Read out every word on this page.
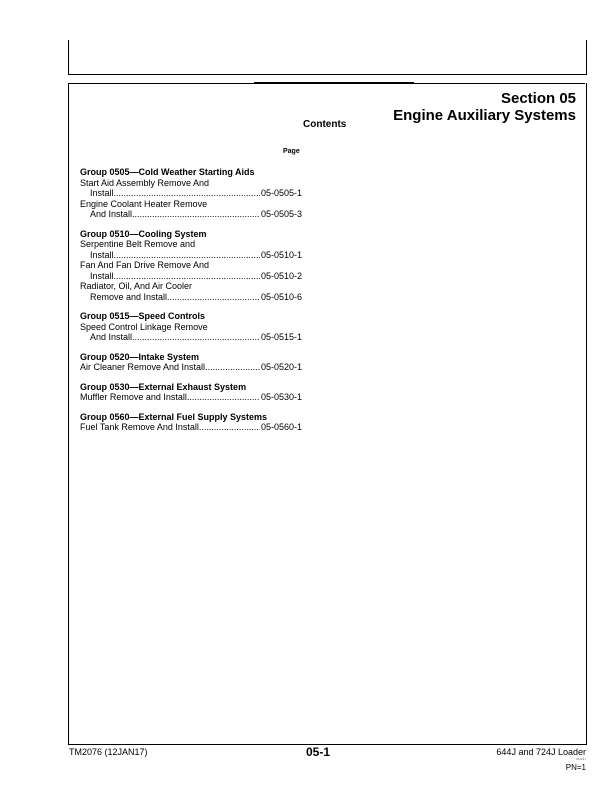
Section 05
Engine Auxiliary Systems
Contents
Page
Group 0505—Cold Weather Starting Aids
Start Aid Assembly Remove And
Install .....	05-0505-1
Engine Coolant Heater Remove
And Install .....	05-0505-3
Group 0510—Cooling System
Serpentine Belt Remove and
Install .....	05-0510-1
Fan And Fan Drive Remove And
Install .....	05-0510-2
Radiator, Oil, And Air Cooler
Remove and Install .....	05-0510-6
Group 0515—Speed Controls
Speed Control Linkage Remove
And Install .....	05-0515-1
Group 0520—Intake System
Air Cleaner Remove And Install .....	05-0520-1
Group 0530—External Exhaust System
Muffler Remove and Install .....	05-0530-1
Group 0560—External Fuel Supply Systems
Fuel Tank Remove And Install .....	05-0560-1
TM2076 (12JAN17)	05-1	644J and 724J Loader
011217
PN=1
